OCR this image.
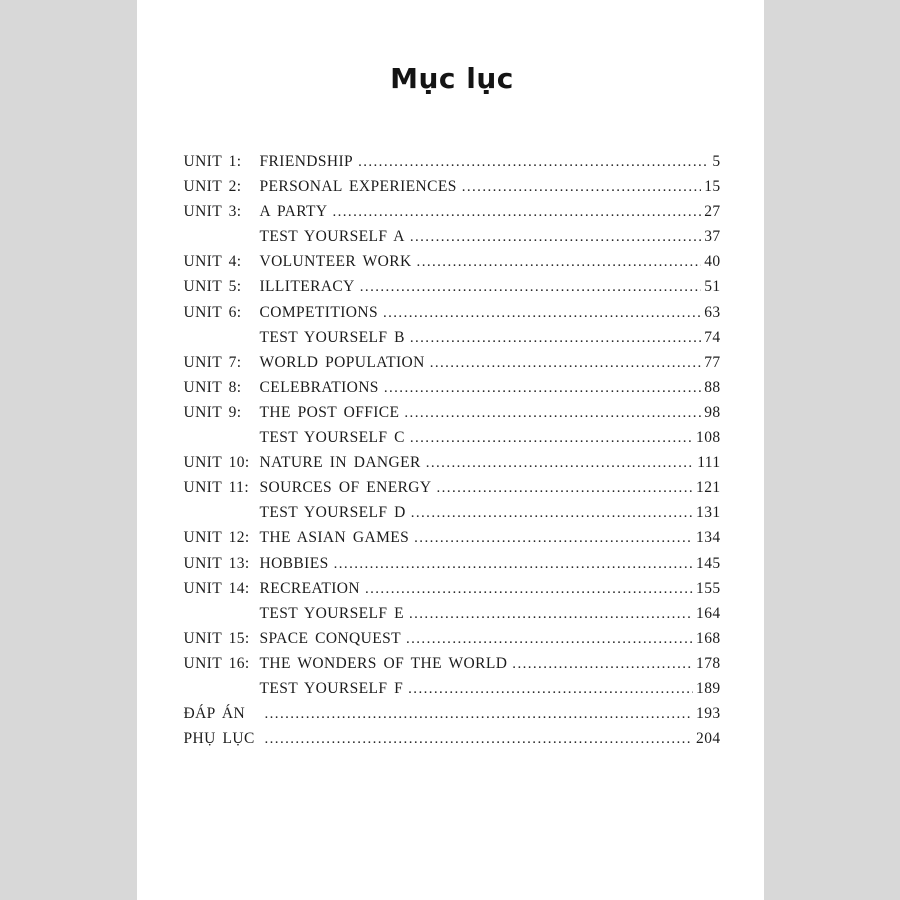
Mục lục
UNIT 1:	FRIENDSHIP .....	5
UNIT 2:	PERSONAL EXPERIENCES .....	15
UNIT 3:	A PARTY .....	27
TEST YOURSELF A .....	37
UNIT 4:	VOLUNTEER WORK .....	40
UNIT 5:	ILLITERACY .....	51
UNIT 6:	COMPETITIONS .....	63
TEST YOURSELF B .....	74
UNIT 7:	WORLD POPULATION .....	77
UNIT 8:	CELEBRATIONS .....	88
UNIT 9:	THE POST OFFICE .....	98
TEST YOURSELF C .....	108
UNIT 10: NATURE IN DANGER .....	111
UNIT 11: SOURCES OF ENERGY .....	121
TEST YOURSELF D .....	131
UNIT 12: THE ASIAN GAMES .....	134
UNIT 13: HOBBIES .....	145
UNIT 14: RECREATION .....	155
TEST YOURSELF E .....	164
UNIT 15: SPACE CONQUEST .....	168
UNIT 16: THE WONDERS OF THE WORLD .....	178
TEST YOURSELF F .....	189
ĐÁP ÁN .....	193
PHỤ LỤC .....	204
